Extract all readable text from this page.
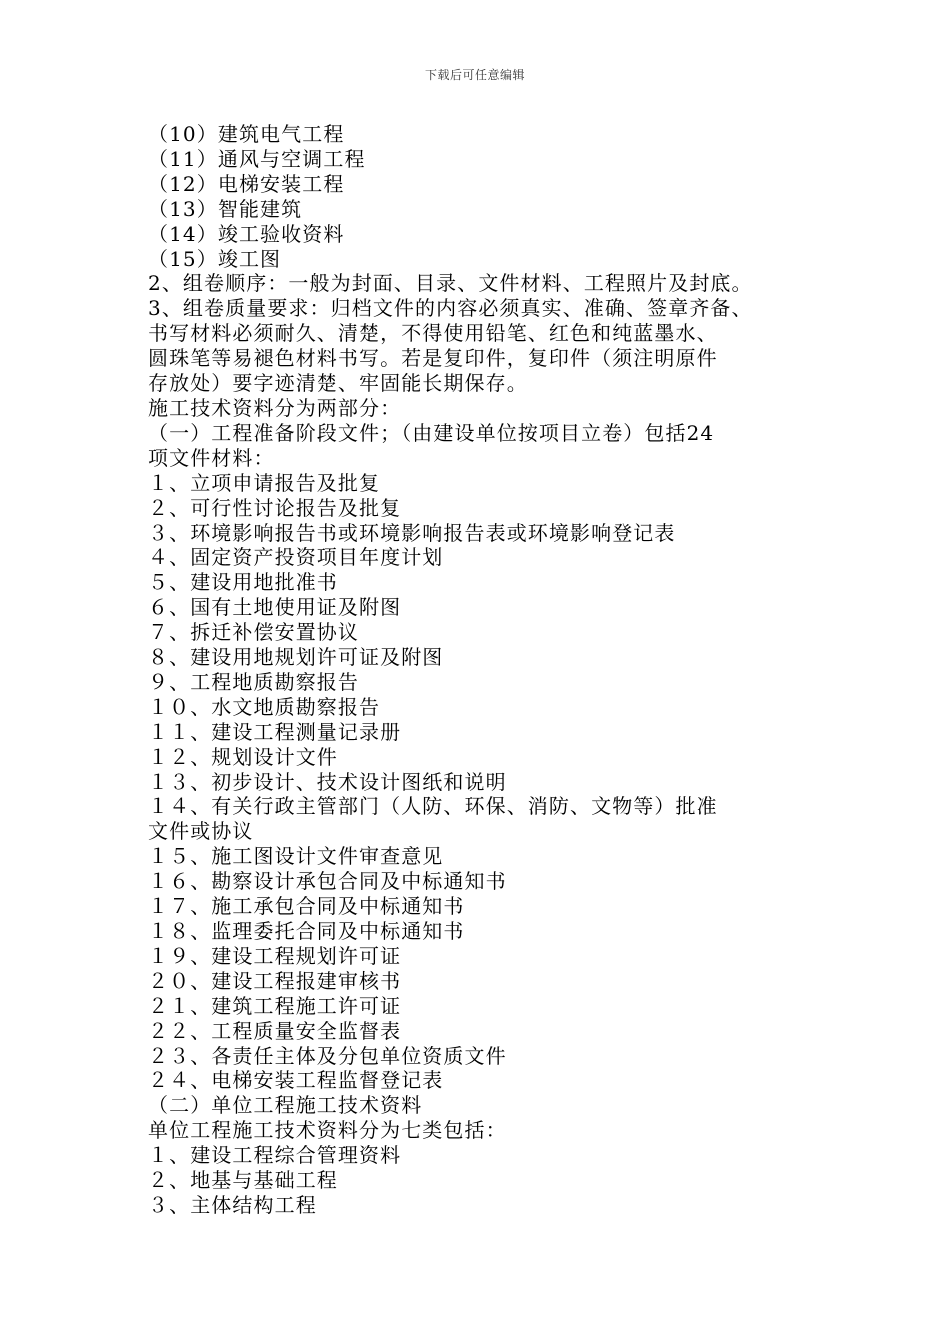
下载后可任意编辑
（10）建筑电气工程
（11）通风与空调工程
（12）电梯安装工程
（13）智能建筑
（14）竣工验收资料
（15）竣工图
2、组卷顺序：一般为封面、目录、文件材料、工程照片及封底。
3、组卷质量要求：归档文件的内容必须真实、准确、签章齐备、
书写材料必须耐久、清楚，不得使用铅笔、红色和纯蓝墨水、
圆珠笔等易褪色材料书写。若是复印件，复印件（须注明原件
存放处）要字迹清楚、牢固能长期保存。
施工技术资料分为两部分：
（一）工程准备阶段文件；（由建设单位按项目立卷）包括24
项文件材料：
１、立项申请报告及批复
２、可行性讨论报告及批复
３、环境影响报告书或环境影响报告表或环境影响登记表
４、固定资产投资项目年度计划
５、建设用地批准书
６、国有土地使用证及附图
７、拆迁补偿安置协议
８、建设用地规划许可证及附图
９、工程地质勘察报告
１０、水文地质勘察报告
１１、建设工程测量记录册
１２、规划设计文件
１３、初步设计、技术设计图纸和说明
１４、有关行政主管部门（人防、环保、消防、文物等）批准
文件或协议
１５、施工图设计文件审查意见
１６、勘察设计承包合同及中标通知书
１７、施工承包合同及中标通知书
１８、监理委托合同及中标通知书
１９、建设工程规划许可证
２０、建设工程报建审核书
２１、建筑工程施工许可证
２２、工程质量安全监督表
２３、各责任主体及分包单位资质文件
２４、电梯安装工程监督登记表
（二）单位工程施工技术资料
单位工程施工技术资料分为七类包括：
１、建设工程综合管理资料
２、地基与基础工程
３、主体结构工程
